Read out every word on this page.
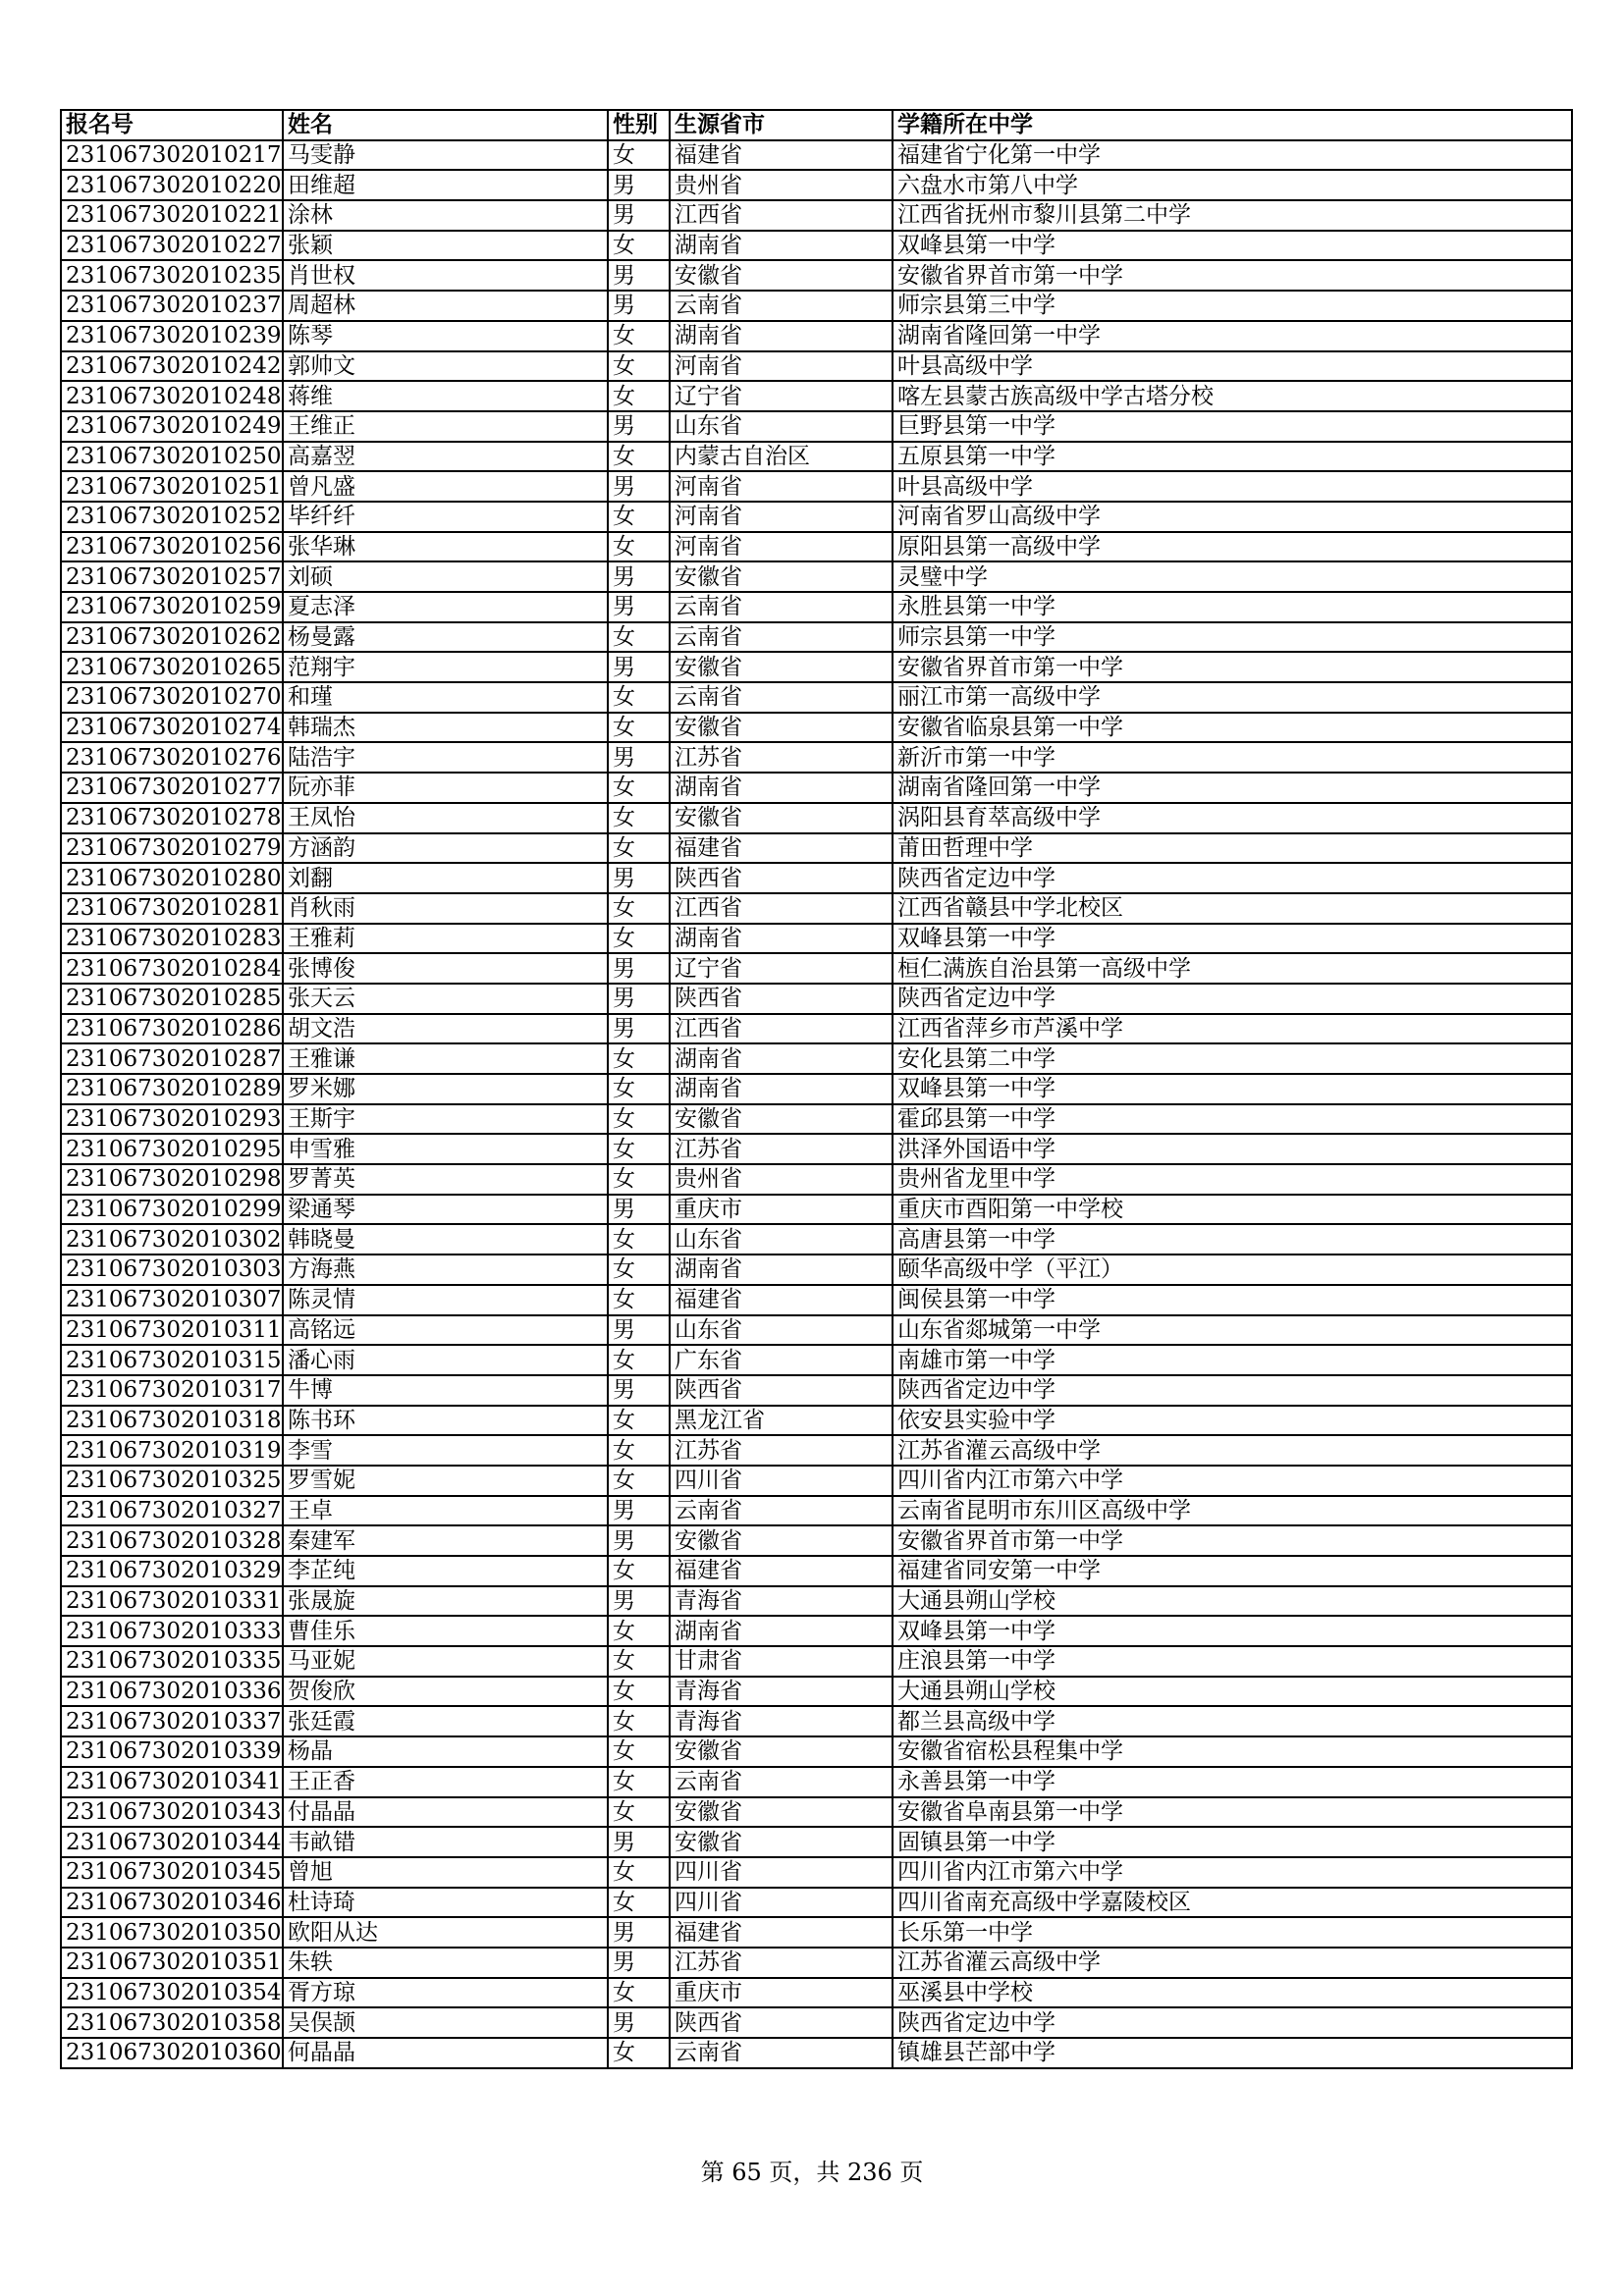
报名号	姓名	性别	生源省市	学籍所在中学
231067302010217	马雯静	女	福建省	福建省宁化第一中学
231067302010220	田维超	男	贵州省	六盘水市第八中学
231067302010221	涂林	男	江西省	江西省抚州市黎川县第二中学
231067302010227	张颖	女	湖南省	双峰县第一中学
231067302010235	肖世权	男	安徽省	安徽省界首市第一中学
231067302010237	周超林	男	云南省	师宗县第三中学
231067302010239	陈琴	女	湖南省	湖南省隆回第一中学
231067302010242	郭帅文	女	河南省	叶县高级中学
231067302010248	蒋维	女	辽宁省	喀左县蒙古族高级中学古塔分校
231067302010249	王维正	男	山东省	巨野县第一中学
231067302010250	高嘉翌	女	内蒙古自治区	五原县第一中学
231067302010251	曾凡盛	男	河南省	叶县高级中学
231067302010252	毕纤纤	女	河南省	河南省罗山高级中学
231067302010256	张华琳	女	河南省	原阳县第一高级中学
231067302010257	刘硕	男	安徽省	灵璧中学
231067302010259	夏志泽	男	云南省	永胜县第一中学
231067302010262	杨曼露	女	云南省	师宗县第一中学
231067302010265	范翔宇	男	安徽省	安徽省界首市第一中学
231067302010270	和瑾	女	云南省	丽江市第一高级中学
231067302010274	韩瑞杰	女	安徽省	安徽省临泉县第一中学
231067302010276	陆浩宇	男	江苏省	新沂市第一中学
231067302010277	阮亦菲	女	湖南省	湖南省隆回第一中学
231067302010278	王凤怡	女	安徽省	涡阳县育萃高级中学
231067302010279	方涵韵	女	福建省	莆田哲理中学
231067302010280	刘翻	男	陕西省	陕西省定边中学
231067302010281	肖秋雨	女	江西省	江西省赣县中学北校区
231067302010283	王雅莉	女	湖南省	双峰县第一中学
231067302010284	张博俊	男	辽宁省	桓仁满族自治县第一高级中学
231067302010285	张天云	男	陕西省	陕西省定边中学
231067302010286	胡文浩	男	江西省	江西省萍乡市芦溪中学
231067302010287	王雅谦	女	湖南省	安化县第二中学
231067302010289	罗米娜	女	湖南省	双峰县第一中学
231067302010293	王斯宇	女	安徽省	霍邱县第一中学
231067302010295	申雪雅	女	江苏省	洪泽外国语中学
231067302010298	罗菁英	女	贵州省	贵州省龙里中学
231067302010299	梁通琴	男	重庆市	重庆市酉阳第一中学校
231067302010302	韩晓曼	女	山东省	高唐县第一中学
231067302010303	方海燕	女	湖南省	颐华高级中学（平江）
231067302010307	陈灵情	女	福建省	闽侯县第一中学
231067302010311	高铭远	男	山东省	山东省郯城第一中学
231067302010315	潘心雨	女	广东省	南雄市第一中学
231067302010317	牛博	男	陕西省	陕西省定边中学
231067302010318	陈书环	女	黑龙江省	依安县实验中学
231067302010319	李雪	女	江苏省	江苏省灌云高级中学
231067302010325	罗雪妮	女	四川省	四川省内江市第六中学
231067302010327	王卓	男	云南省	云南省昆明市东川区高级中学
231067302010328	秦建军	男	安徽省	安徽省界首市第一中学
231067302010329	李芷纯	女	福建省	福建省同安第一中学
231067302010331	张晟旋	男	青海省	大通县朔山学校
231067302010333	曹佳乐	女	湖南省	双峰县第一中学
231067302010335	马亚妮	女	甘肃省	庄浪县第一中学
231067302010336	贺俊欣	女	青海省	大通县朔山学校
231067302010337	张廷霞	女	青海省	都兰县高级中学
231067302010339	杨晶	女	安徽省	安徽省宿松县程集中学
231067302010341	王正香	女	云南省	永善县第一中学
231067302010343	付晶晶	女	安徽省	安徽省阜南县第一中学
231067302010344	韦畝错	男	安徽省	固镇县第一中学
231067302010345	曾旭	女	四川省	四川省内江市第六中学
231067302010346	杜诗琦	女	四川省	四川省南充高级中学嘉陵校区
231067302010350	欧阳从达	男	福建省	长乐第一中学
231067302010351	朱轶	男	江苏省	江苏省灌云高级中学
231067302010354	胥方琼	女	重庆市	巫溪县中学校
231067302010358	吴俣颉	男	陕西省	陕西省定边中学
231067302010360	何晶晶	女	云南省	镇雄县芒部中学
第 65 页，共 236 页
